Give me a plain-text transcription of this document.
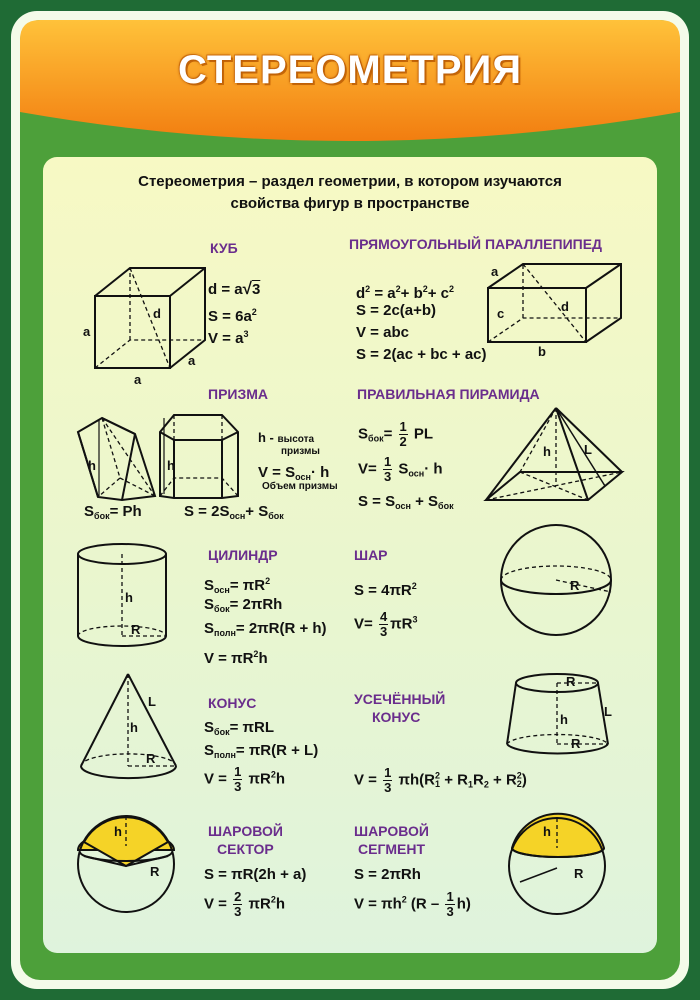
СТЕРЕОМЕТРИЯ
Стереометрия – раздел геометрии, в котором изучаются
свойства фигур в пространстве
a
a
a
d
a
c	d
b
h	h
h	L
h
R
R
L
h
R
R
h
L
R
h
R
h
R
КУБ	ПРЯМОУГОЛЬНЫЙ ПАРАЛЛЕПИПЕД
ПРИЗМА	ПРАВИЛЬНАЯ ПИРАМИДА
ЦИЛИНДР	ШАР
КОНУС	УСЕЧЁННЫЙ
КОНУС
ШАРОВОЙ
СЕКТОР
ШАРОВОЙ
СЕГМЕНТ
d = a√3
$S = 6a^2$
$V = a^3$
$d^2 = a^2+ b^2+ c^2$
S = 2c(a+b)
V = abc
S = 2(ac + bc + ac)
h - высота
призмы
$V = S_{осн}\cdot h$
Объем призмы
$S_{бок}= Ph$	$S = 2S_{осн}+ S_{бок}$
$S_{бок}= \frac{1}{2}$ PL
$V= \frac{1}{3} S_{осн}\cdot h$
$S = S_{осн} + S_{бок}$
$S_{осн}= \pi R^2$
$S_{бок}= 2\pi Rh$
$S_{полн}= 2\pi R(R + h)$
$V = \pi R^2h$
$S = 4\pi R^2$
$V= \frac{4}{3} \pi R^3$
$S_{бок}= \pi RL$
$S_{полн}= \pi R(R + L)$
$V = \frac{1}{3} \pi R^2h$	$V = \frac{1}{3} \pi h(R^2_1 + R_1R_2 + R^2_2)$
S = πR(2h + a)
$V = \frac{2}{3} \pi R^2h$
S = 2πRh
$V = \pi h^2$ $(R - \frac{1}{3} h)$
